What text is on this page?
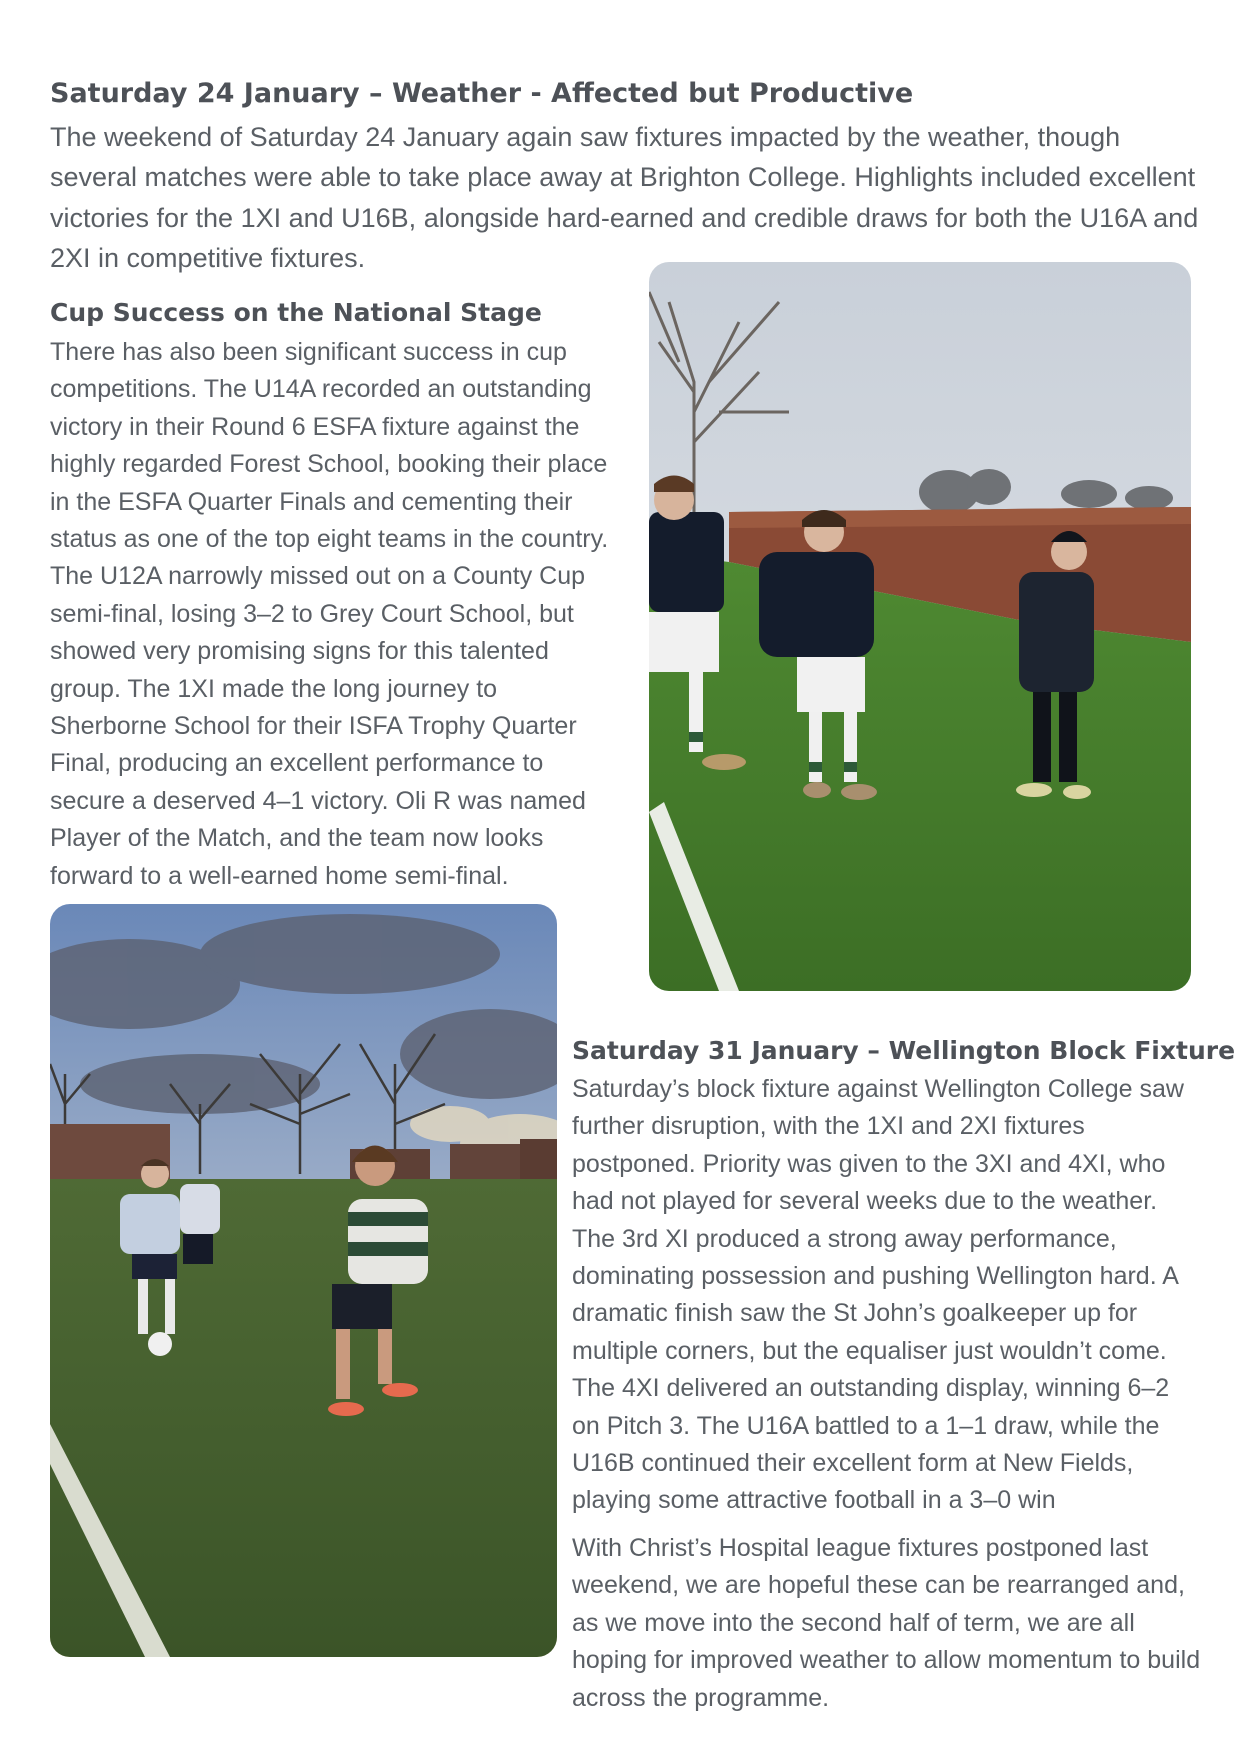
Saturday 24 January – Weather - Affected but Productive

The weekend of Saturday 24 January again saw fixtures impacted by the weather, though several matches were able to take place away at Brighton College. Highlights included excellent victories for the 1XI and U16B, alongside hard-earned and credible draws for both the U16A and 2XI in competitive fixtures.

Cup Success on the National Stage

There has also been significant success in cup competitions. The U14A recorded an outstanding victory in their Round 6 ESFA fixture against the highly regarded Forest School, booking their place in the ESFA Quarter Finals and cementing their status as one of the top eight teams in the country. The U12A narrowly missed out on a County Cup semi-final, losing 3–2 to Grey Court School, but showed very promising signs for this talented group. The 1XI made the long journey to Sherborne School for their ISFA Trophy Quarter Final, producing an excellent performance to secure a deserved 4–1 victory. Oli R was named Player of the Match, and the team now looks forward to a well-earned home semi-final.

Saturday 31 January – Wellington Block Fixture

Saturday’s block fixture against Wellington College saw further disruption, with the 1XI and 2XI fixtures postponed. Priority was given to the 3XI and 4XI, who had not played for several weeks due to the weather. The 3rd XI produced a strong away performance, dominating possession and pushing Wellington hard. A dramatic finish saw the St John’s goalkeeper up for multiple corners, but the equaliser just wouldn’t come. The 4XI delivered an outstanding display, winning 6–2 on Pitch 3. The U16A battled to a 1–1 draw, while the U16B continued their excellent form at New Fields, playing some attractive football in a 3–0 win

With Christ’s Hospital league fixtures postponed last weekend, we are hopeful these can be rearranged and, as we move into the second half of term, we are all hoping for improved weather to allow momentum to build across the programme.
